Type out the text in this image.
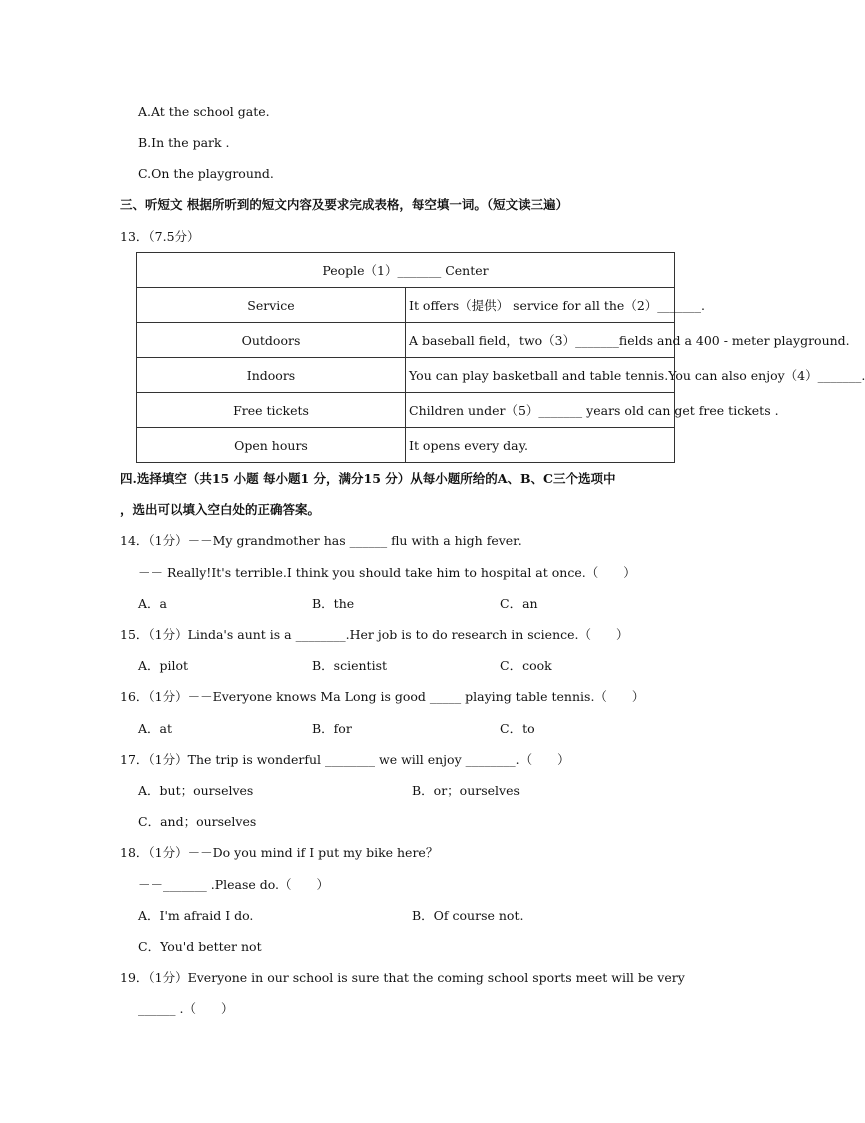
A.At the school gate.
B.In the park .
C.On the playground.
三、听短文 根据所听到的短文内容及要求完成表格，每空填一词。（短文读三遍）
13．（7.5分）
People（1）_______ Center	
Service	It offers（提供） service for all the（2）_______.
Outdoors	A baseball field，two（3）_______fields and a 400 - meter playground.
Indoors	You can play basketball and table tennis.You can also enjoy（4）_______.
Free tickets	Children under（5）_______ years old can get free tickets .
Open hours	It opens every day.
四.选择填空（共15 小题 每小题1 分，满分15 分）从每小题所给的A、B、C三个选项中
，选出可以填入空白处的正确答案。
14．（1分）－－My grandmother has ______ flu with a high fever.
－－ Really!It's terrible.I think you should take him to hospital at once.（　　）
A．a	B．the	C．an
15．（1分）Linda's aunt is a ________.Her job is to do research in science.（　　）
A．pilot	B．scientist	C．cook
16．（1分）－－Everyone knows Ma Long is good _____ playing table tennis.（　　）
A．at	B．for	C．to
17．（1分）The trip is wonderful ________ we will enjoy ________.（　　）
A．but；ourselves	B．or；ourselves
C．and；ourselves
18．（1分）－－Do you mind if I put my bike here？
－－_______ .Please do.（　　）
A．I'm afraid I do.	B．Of course not.
C．You'd better not
19．（1分）Everyone in our school is sure that the coming school sports meet will be very
______ .（　　）
